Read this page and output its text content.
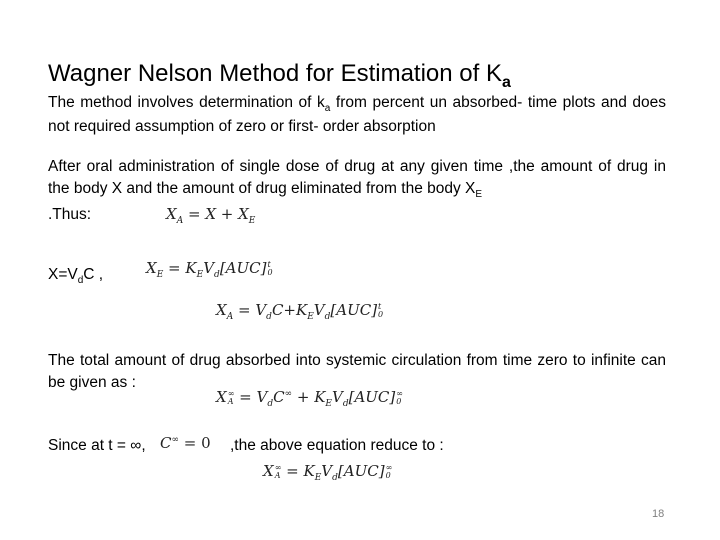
Wagner Nelson Method for Estimation of $K_a$
The method involves determination of $k_a$ from percent un absorbed- time plots and does not required assumption of zero or first- order absorption
After oral administration of single dose of drug at any given time ,the amount of drug in the body X and the amount of drug eliminated from the body $X_E$
.Thus:	$X_A = X + X_E$
$X=V_dC$ ,	$X_E = K_EV_d[AUC]t$
0
$X_A = V_dC+K_EV_d[AUC]t$
0
The total amount of drug absorbed into systemic circulation from time zero to infinite can be given as :
X∞
$A = V_dC^\infty + K_EV_d[AUC]\infty$
0
Since at t = ∞,	,the above equation reduce to :
C∞ = 0
X∞
$A = K_EV_d[AUC]\infty$
0
18
